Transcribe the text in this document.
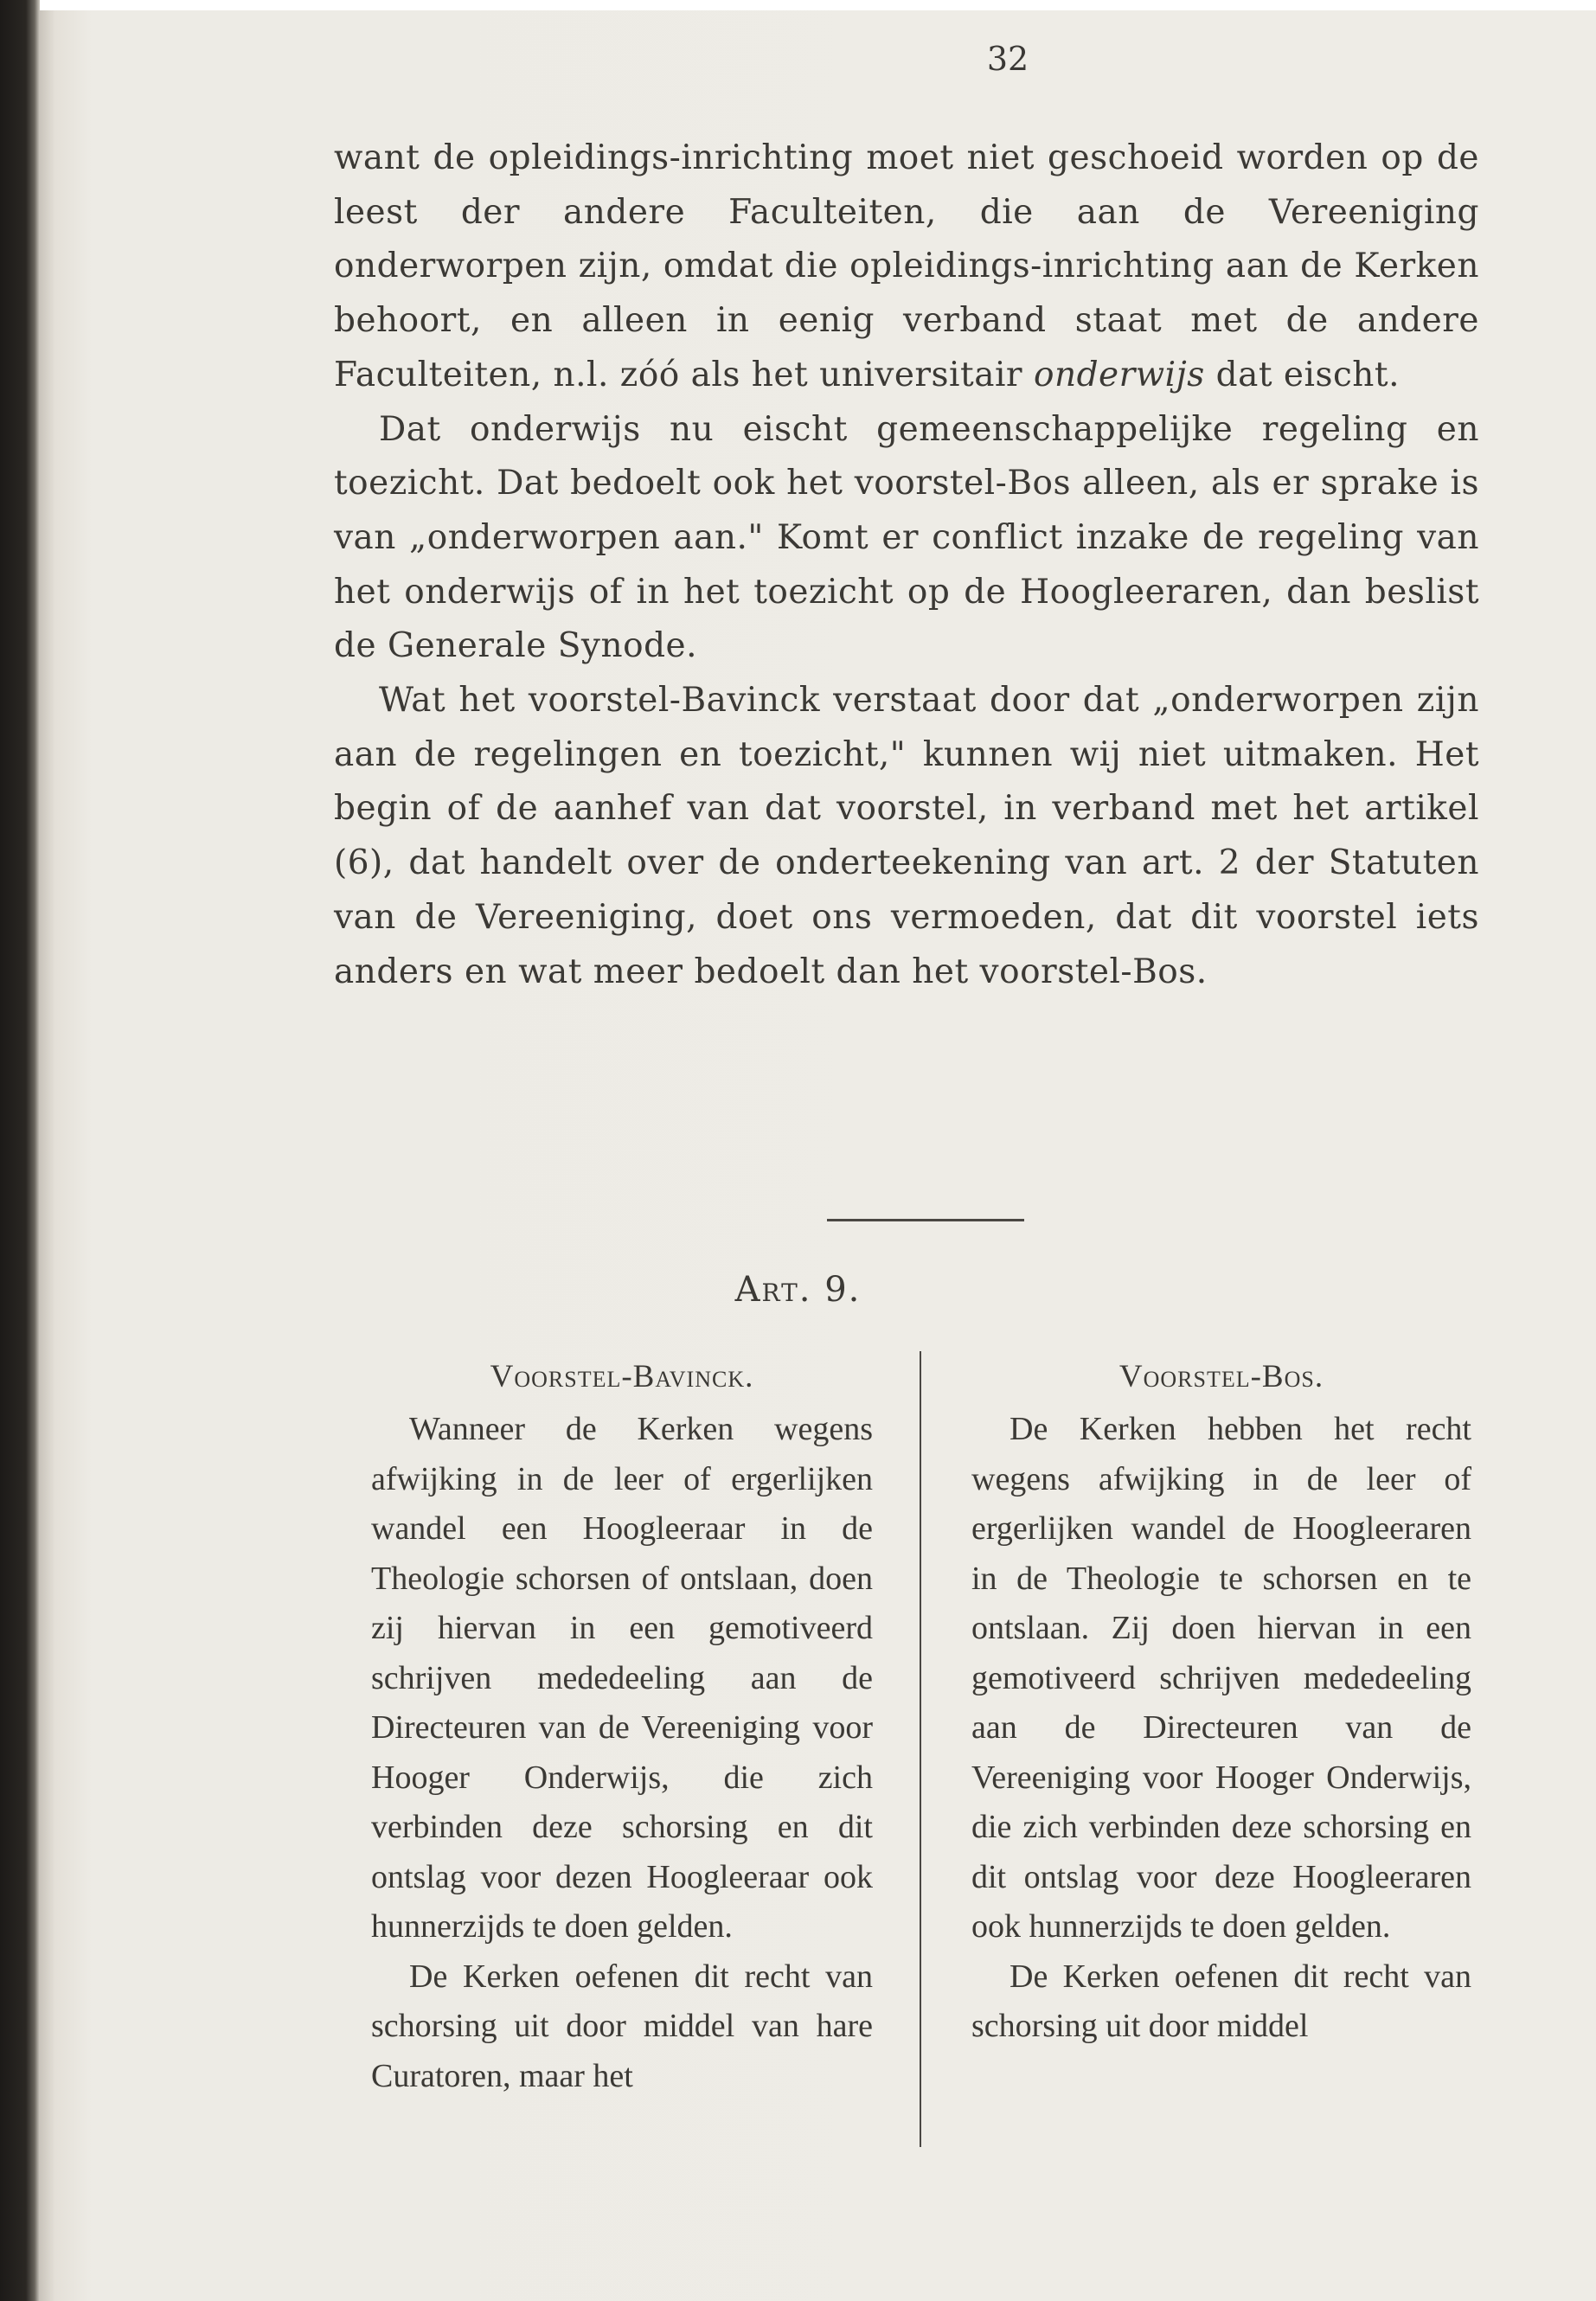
32

want de opleidings-inrichting moet niet geschoeid worden op de leest der andere Faculteiten, die aan de Vereeniging onderworpen zijn, omdat die opleidings-inrichting aan de Kerken behoort, en alleen in eenig verband staat met de andere Faculteiten, n.l. zóó als het universitair onderwijs dat eischt.

Dat onderwijs nu eischt gemeenschappelijke regeling en toezicht. Dat bedoelt ook het voorstel-Bos alleen, als er sprake is van „onderworpen aan." Komt er conflict inzake de regeling van het onderwijs of in het toezicht op de Hoogleeraren, dan beslist de Generale Synode.

Wat het voorstel-Bavinck verstaat door dat „onderworpen zijn aan de regelingen en toezicht," kunnen wij niet uitmaken. Het begin of de aanhef van dat voorstel, in verband met het artikel (6), dat handelt over de onderteekening van art. 2 der Statuten van de Vereeniging, doet ons vermoeden, dat dit voorstel iets anders en wat meer bedoelt dan het voorstel-Bos.

Art. 9.
Voorstel-Bavinck.

Wanneer de Kerken wegens afwijking in de leer of ergerlijken wandel een Hoogleeraar in de Theologie schorsen of ontslaan, doen zij hiervan in een gemotiveerd schrijven mededeeling aan de Directeuren van de Vereeniging voor Hooger Onderwijs, die zich verbinden deze schorsing en dit ontslag voor dezen Hoogleeraar ook hunnerzijds te doen gelden.

De Kerken oefenen dit recht van schorsing uit door middel van hare Curatoren, maar het

Voorstel-Bos.

De Kerken hebben het recht wegens afwijking in de leer of ergerlijken wandel de Hoogleeraren in de Theologie te schorsen en te ontslaan. Zij doen hiervan in een gemotiveerd schrijven mededeeling aan de Directeuren van de Vereeniging voor Hooger Onderwijs, die zich verbinden deze schorsing en dit ontslag voor deze Hoogleeraren ook hunnerzijds te doen gelden.

De Kerken oefenen dit recht van schorsing uit door middel
